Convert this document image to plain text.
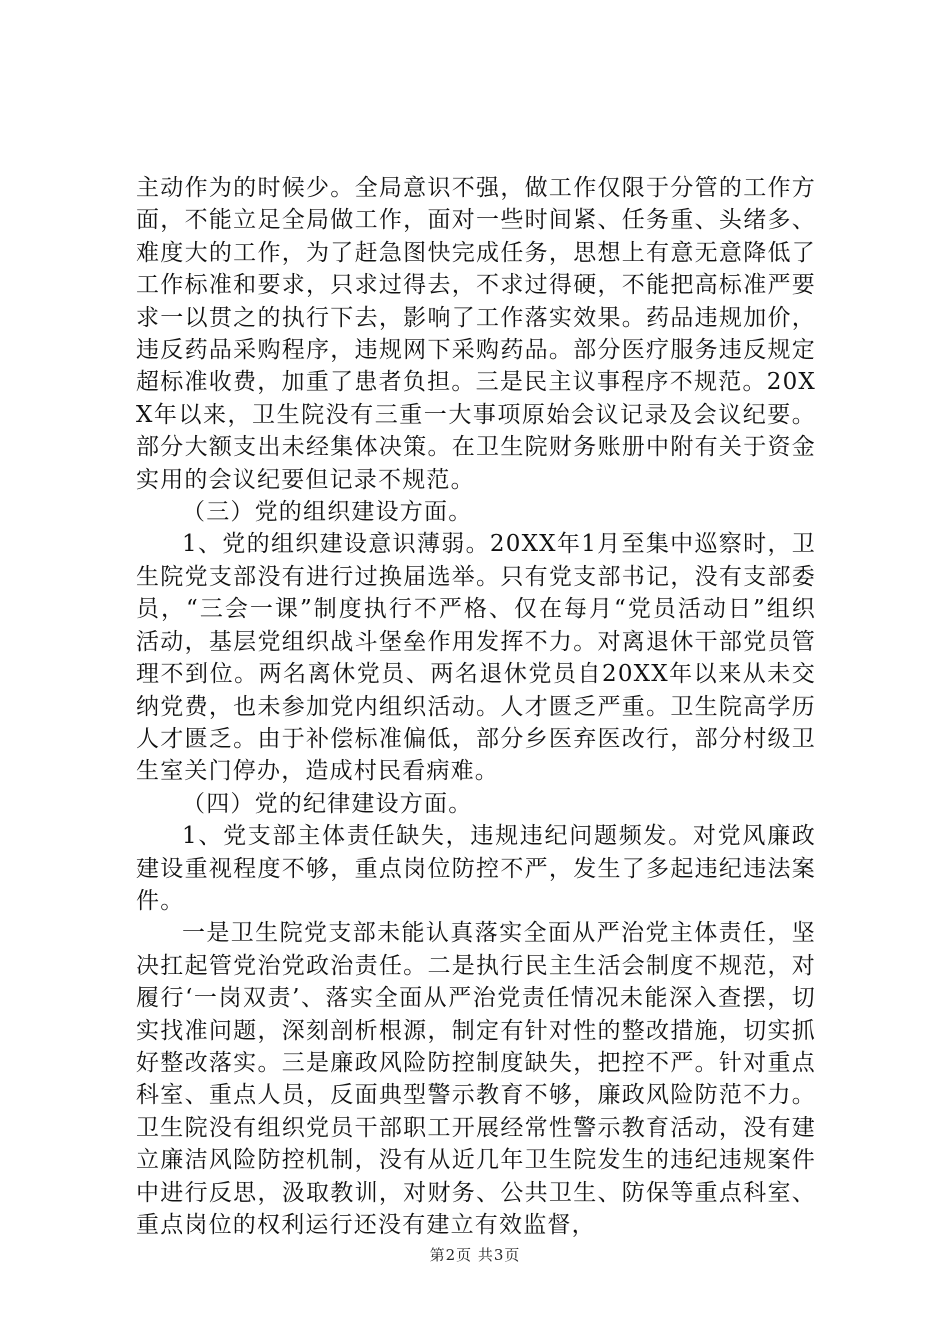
主动作为的时候少。全局意识不强，做工作仅限于分管的工作方面，不能立足全局做工作，面对一些时间紧、任务重、头绪多、难度大的工作，为了赶急图快完成任务，思想上有意无意降低了工作标准和要求，只求过得去，不求过得硬，不能把高标准严要求一以贯之的执行下去，影响了工作落实效果。药品违规加价，违反药品采购程序，违规网下采购药品。部分医疗服务违反规定超标准收费，加重了患者负担。三是民主议事程序不规范。20XX年以来，卫生院没有三重一大事项原始会议记录及会议纪要。部分大额支出未经集体决策。在卫生院财务账册中附有关于资金实用的会议纪要但记录不规范。

（三）党的组织建设方面。

1、党的组织建设意识薄弱。20XX年1月至集中巡察时，卫生院党支部没有进行过换届选举。只有党支部书记，没有支部委员，“三会一课”制度执行不严格、仅在每月“党员活动日”组织活动，基层党组织战斗堡垒作用发挥不力。对离退休干部党员管理不到位。两名离休党员、两名退休党员自20XX年以来从未交纳党费，也未参加党内组织活动。人才匮乏严重。卫生院高学历人才匮乏。由于补偿标准偏低，部分乡医弃医改行，部分村级卫生室关门停办，造成村民看病难。

（四）党的纪律建设方面。

1、党支部主体责任缺失，违规违纪问题频发。对党风廉政建设重视程度不够，重点岗位防控不严，发生了多起违纪违法案件。

一是卫生院党支部未能认真落实全面从严治党主体责任，坚决扛起管党治党政治责任。二是执行民主生活会制度不规范，对履行‘一岗双责’、落实全面从严治党责任情况未能深入查摆，切实找准问题，深刻剖析根源，制定有针对性的整改措施，切实抓好整改落实。三是廉政风险防控制度缺失，把控不严。针对重点科室、重点人员，反面典型警示教育不够，廉政风险防范不力。卫生院没有组织党员干部职工开展经常性警示教育活动，没有建立廉洁风险防控机制，没有从近几年卫生院发生的违纪违规案件中进行反思，汲取教训，对财务、公共卫生、防保等重点科室、重点岗位的权利运行还没有建立有效监督，

第2页 共3页
